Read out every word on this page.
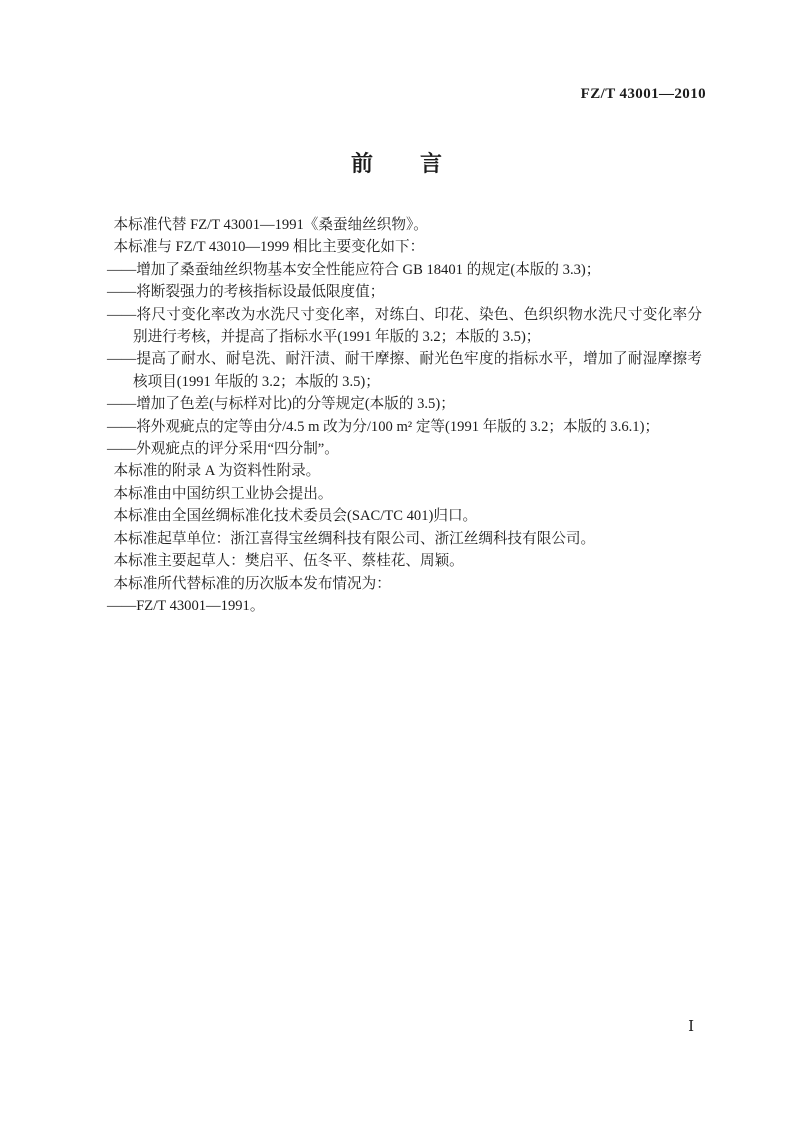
FZ/T 43001—2010
前　　言

本标准代替 FZ/T 43001—1991《桑蚕䌷丝织物》。

本标准与 FZ/T 43010—1999 相比主要变化如下：

——增加了桑蚕䌷丝织物基本安全性能应符合 GB 18401 的规定(本版的 3.3)；

——将断裂强力的考核指标设最低限度值；

——将尺寸变化率改为水洗尺寸变化率，对练白、印花、染色、色织织物水洗尺寸变化率分别进行考核，并提高了指标水平(1991 年版的 3.2；本版的 3.5)；

——提高了耐水、耐皂洗、耐汗渍、耐干摩擦、耐光色牢度的指标水平，增加了耐湿摩擦考核项目(1991 年版的 3.2；本版的 3.5)；

——增加了色差(与标样对比)的分等规定(本版的 3.5)；

——将外观疵点的定等由分/4.5 m 改为分/100 m² 定等(1991 年版的 3.2；本版的 3.6.1)；

——外观疵点的评分采用“四分制”。

本标准的附录 A 为资料性附录。

本标准由中国纺织工业协会提出。

本标准由全国丝绸标准化技术委员会(SAC/TC 401)归口。

本标准起草单位：浙江喜得宝丝绸科技有限公司、浙江丝绸科技有限公司。

本标准主要起草人：樊启平、伍冬平、蔡桂花、周颖。

本标准所代替标准的历次版本发布情况为：

——FZ/T 43001—1991。

Ⅰ
